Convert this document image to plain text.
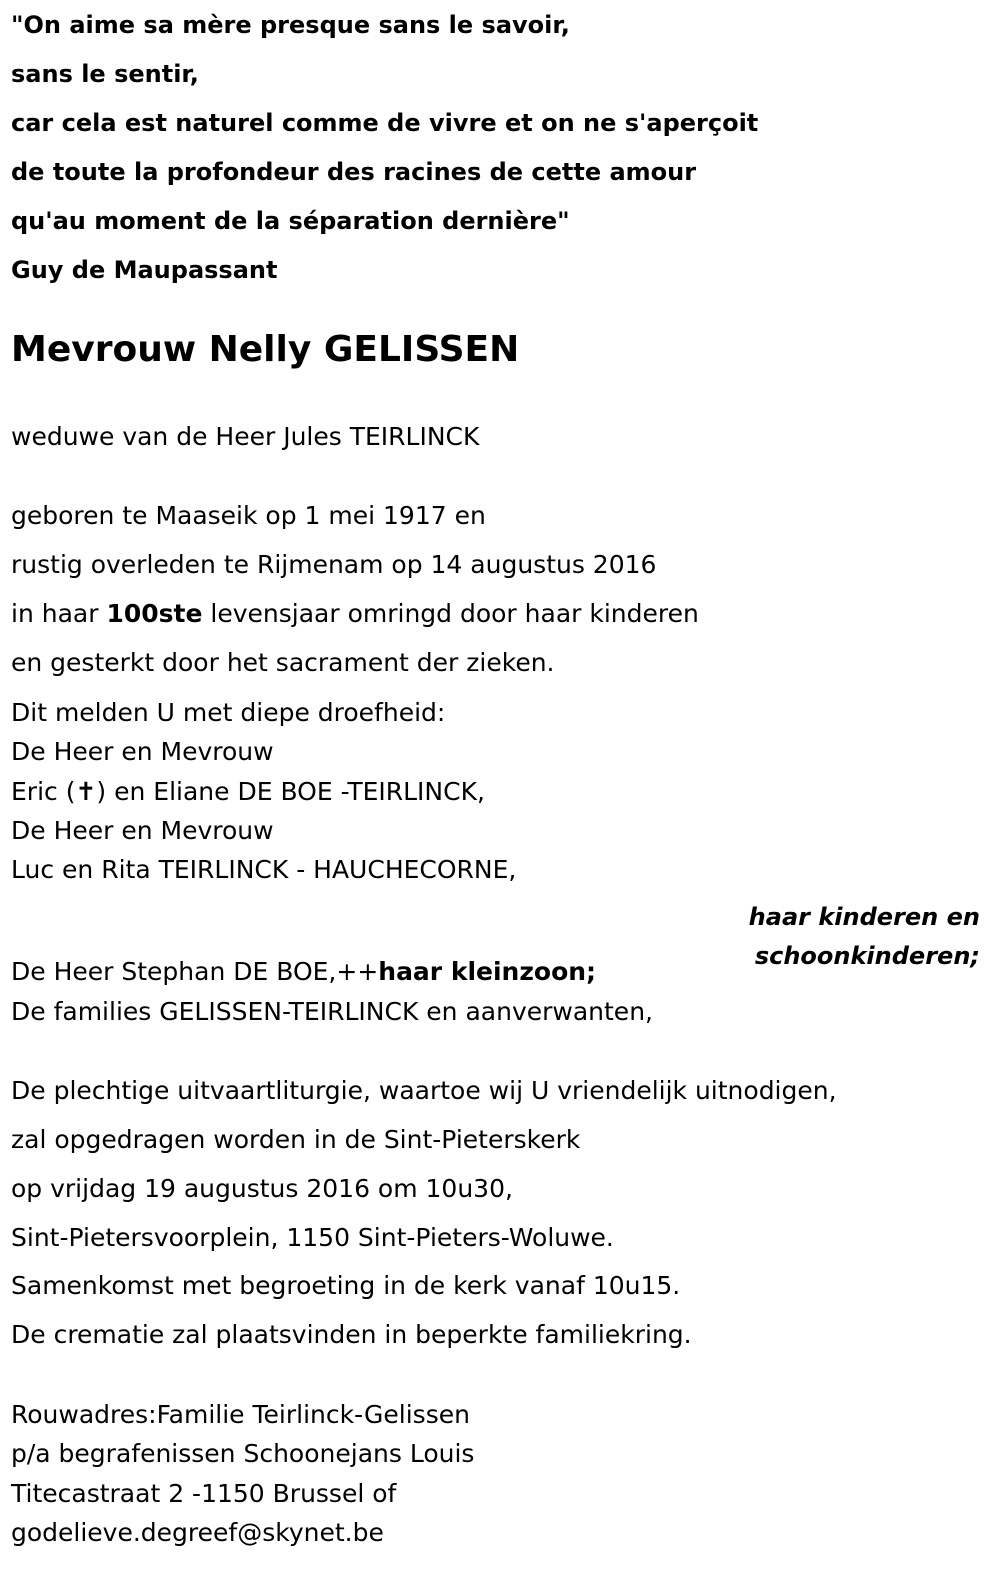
"On aime sa mère presque sans le savoir,

sans le sentir,

car cela est naturel comme de vivre et on ne s'aperçoit

de toute la profondeur des racines de cette amour

qu'au moment de la séparation dernière"

Guy de Maupassant

Mevrouw Nelly GELISSEN

weduwe van de Heer Jules TEIRLINCK

geboren te Maaseik op 1 mei 1917 en

rustig overleden te Rijmenam op 14 augustus 2016

in haar 100ste levensjaar omringd door haar kinderen

en gesterkt door het sacrament der zieken.

Dit melden U met diepe droefheid:

De Heer en Mevrouw

Eric (✝) en Eliane DE BOE -TEIRLINCK,

De Heer en Mevrouw

Luc en Rita TEIRLINCK - HAUCHECORNE,

haar kinderen en

schoonkinderen;

De Heer Stephan DE BOE,++haar kleinzoon;

De families GELISSEN-TEIRLINCK en aanverwanten,

De plechtige uitvaartliturgie, waartoe wij U vriendelijk uitnodigen,

zal opgedragen worden in de Sint-Pieterskerk

op vrijdag 19 augustus 2016 om 10u30,

Sint-Pietersvoorplein, 1150 Sint-Pieters-Woluwe.

Samenkomst met begroeting in de kerk vanaf 10u15.

De crematie zal plaatsvinden in beperkte familiekring.

Rouwadres:Familie Teirlinck-Gelissen

p/a begrafenissen Schoonejans Louis

Titecastraat 2 -1150 Brussel of

godelieve.degreef@skynet.be
